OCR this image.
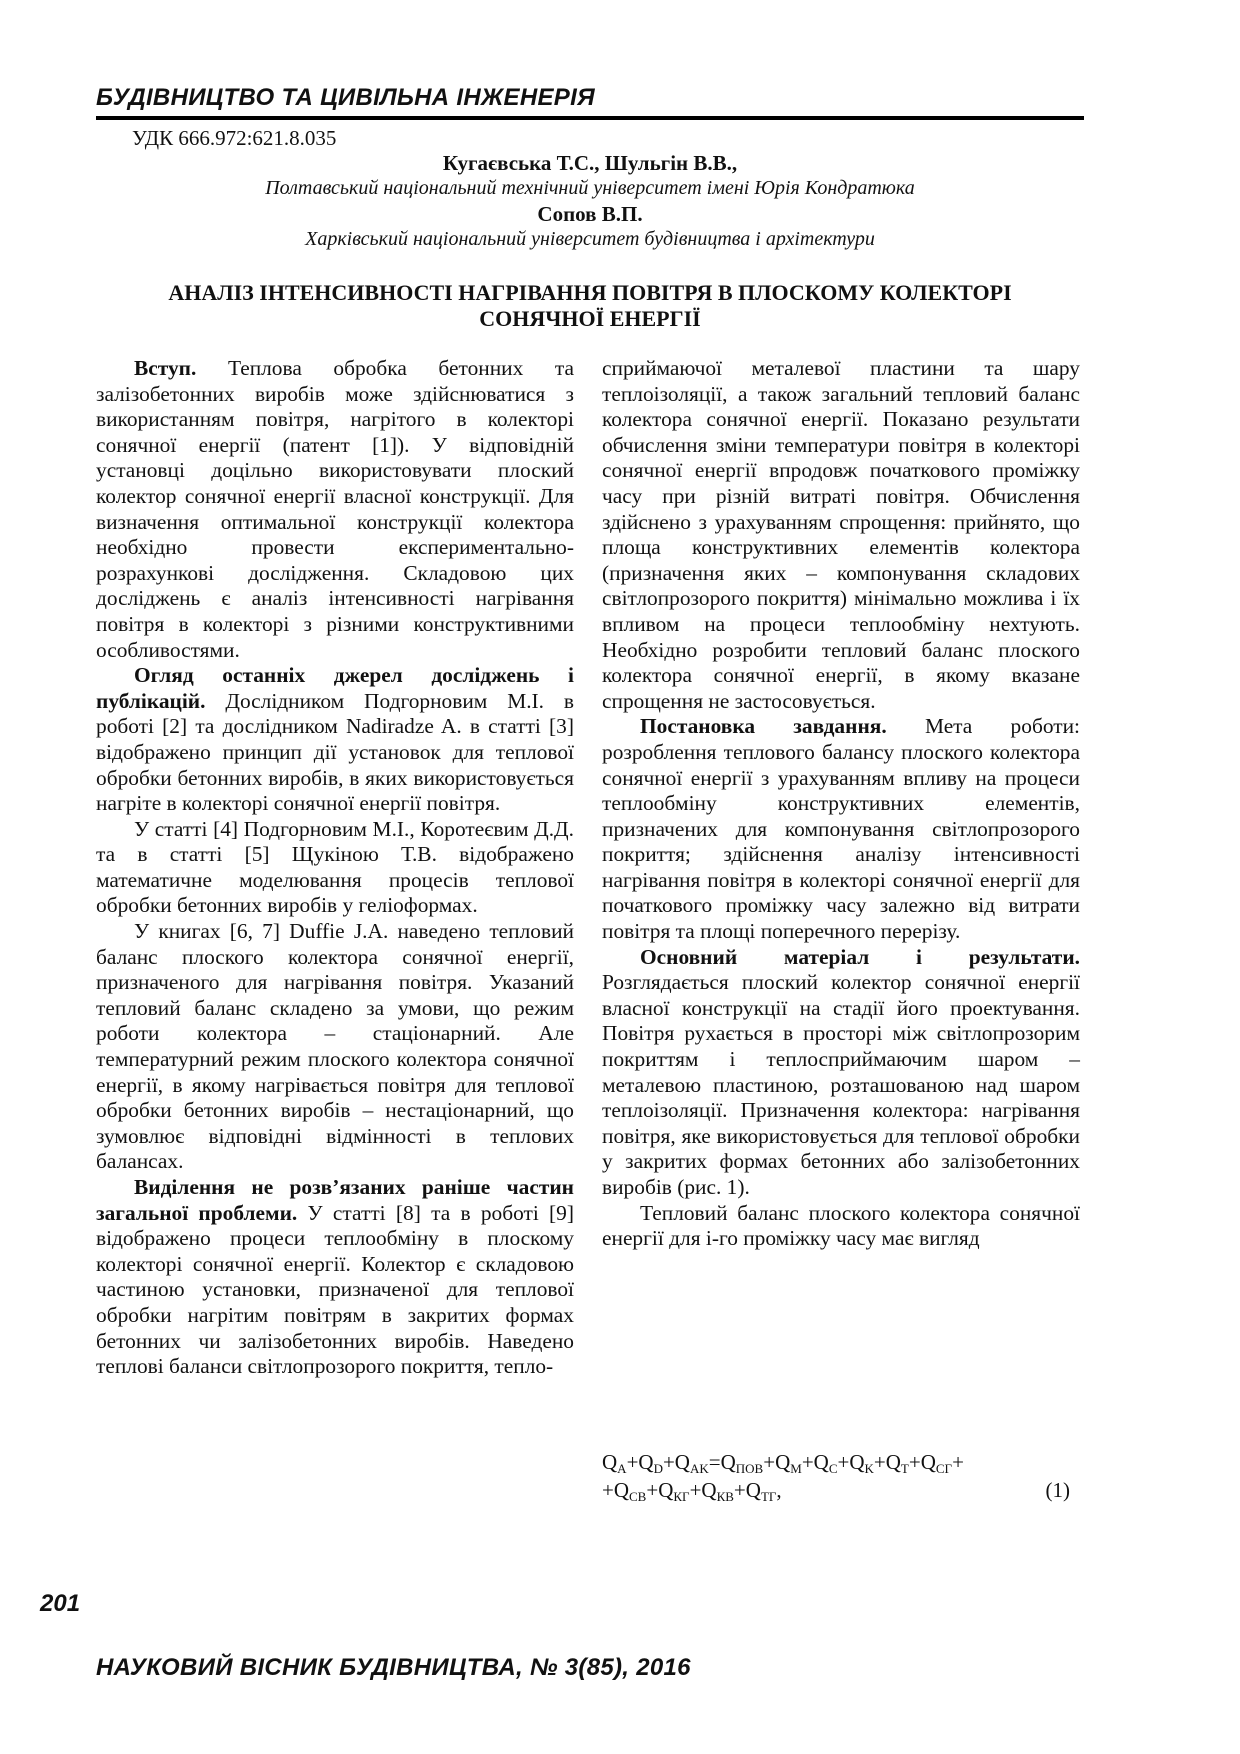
БУДІВНИЦТВО ТА ЦИВІЛЬНА ІНЖЕНЕРІЯ
УДК 666.972:621.8.035
Кугаєвська Т.С., Шульгін В.В.,
Полтавський національний технічний університет імені Юрія Кондратюка
Сопов В.П.
Харківський національний університет будівництва і архітектури
АНАЛІЗ ІНТЕНСИВНОСТІ НАГРІВАННЯ ПОВІТРЯ В ПЛОСКОМУ КОЛЕКТОРІ
СОНЯЧНОЇ ЕНЕРГІЇ

Вступ. Теплова обробка бетонних та залізобетонних виробів може здійснюватися з використанням повітря, нагрітого в колекторі сонячної енергії (патент [1]). У відповідній установці доцільно використовувати плоский колектор сонячної енергії власної конструкції. Для визначення оптимальної конструкції колектора необхідно провести експериментально-розрахункові дослідження. Складовою цих досліджень є аналіз інтенсивності нагрівання повітря в колекторі з різними конструктивними особливостями.

Огляд останніх джерел досліджень і публікацій. Дослідником Подгорновим М.І. в роботі [2] та дослідником Nadiradze A. в статті [3] відображено принцип дії установок для теплової обробки бетонних виробів, в яких використовується нагріте в колекторі сонячної енергії повітря.

У статті [4] Подгорновим М.І., Коротеєвим Д.Д. та в статті [5] Щукіною Т.В. відображено математичне моделювання процесів теплової обробки бетонних виробів у геліоформах.

У книгах [6, 7] Duffie J.A. наведено тепловий баланс плоского колектора сонячної енергії, призначеного для нагрівання повітря. Указаний тепловий баланс складено за умови, що режим роботи колектора – стаціонарний. Але температурний режим плоского колектора сонячної енергії, в якому нагрівається повітря для теплової обробки бетонних виробів – нестаціонарний, що зумовлює відповідні відмінності в теплових балансах.

Виділення не розв’язаних раніше частин загальної проблеми. У статті [8] та в роботі [9] відображено процеси теплообміну в плоскому колекторі сонячної енергії. Колектор є складовою частиною установки, призначеної для теплової обробки нагрітим повітрям в закритих формах бетонних чи залізобетонних виробів. Наведено теплові баланси світлопрозорого покриття, тепло-

сприймаючої металевої пластини та шару теплоізоляції, а також загальний тепловий баланс колектора сонячної енергії. Показано результати обчислення зміни температури повітря в колекторі сонячної енергії впродовж початкового проміжку часу при різній витраті повітря. Обчислення здійснено з урахуванням спрощення: прийнято, що площа конструктивних елементів колектора (призначення яких – компонування складових світлопрозорого покриття) мінімально можлива і їх впливом на процеси теплообміну нехтують. Необхідно розробити тепловий баланс плоского колектора сонячної енергії, в якому вказане спрощення не застосовується.

Постановка завдання. Мета роботи: розроблення теплового балансу плоского колектора сонячної енергії з урахуванням впливу на процеси теплообміну конструктивних елементів, призначених для компонування світлопрозорого покриття; здійснення аналізу інтенсивності нагрівання повітря в колекторі сонячної енергії для початкового проміжку часу залежно від витрати повітря та площі поперечного перерізу.

Основний матеріал і результати. Розглядається плоский колектор сонячної енергії власної конструкції на стадії його проектування. Повітря рухається в просторі між світлопрозорим покриттям і теплосприймаючим шаром – металевою пластиною, розташованою над шаром теплоізоляції. Призначення колектора: нагрівання повітря, яке використовується для теплової обробки у закритих формах бетонних або залізобетонних виробів (рис. 1).

Тепловий баланс плоского колектора сонячної енергії для і-го проміжку часу має вигляд

$Q_A+Q_D+Q_{AK}=Q_{ПОВ}+Q_M+Q_C+Q_K+Q_T+Q_{СГ}+$
$+Q_{СВ}+Q_{КГ}+Q_{КВ}+Q_{ТГ}$,	(1)
201
НАУКОВИЙ ВІСНИК БУДІВНИЦТВА, № 3(85), 2016
